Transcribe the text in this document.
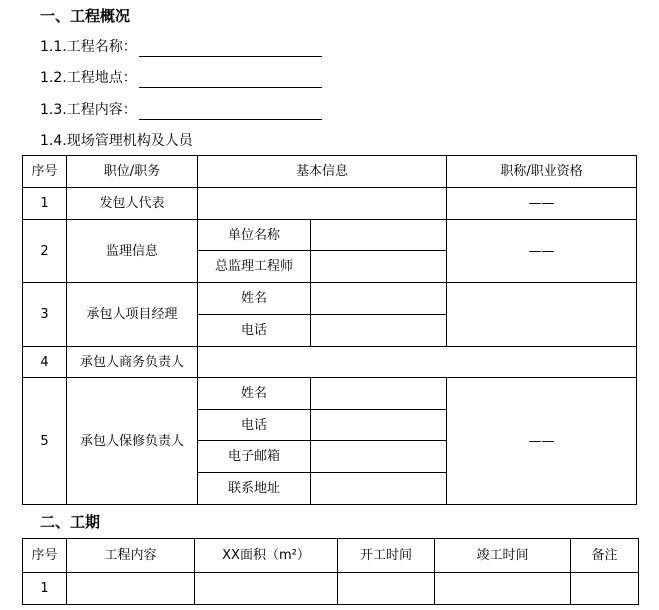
一、工程概况
1.1.工程名称：
1.2.工程地点：
1.3.工程内容：
1.4.现场管理机构及人员
序号	职位/职务	基本信息		职称/职业资格
1	发包人代表			——
2	监理信息	单位名称		——
		总监理工程师		
3	承包人项目经理	姓名		
		电话		
4	承包人商务负责人			
5	承包人保修负责人	姓名		——
		电话		
		电子邮箱		
		联系地址		
二、工期
序号	工程内容	XX面积（m²）	开工时间	竣工时间	备注
1					
